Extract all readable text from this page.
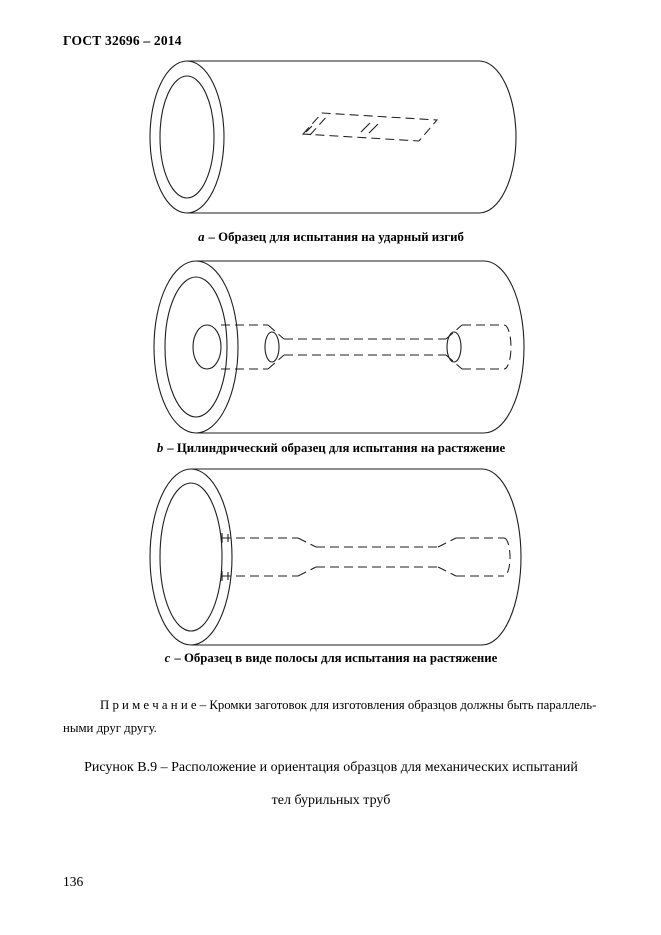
ГОСТ 32696 – 2014
a – Образец для испытания на ударный изгиб
b – Цилиндрический образец для испытания на растяжение
c – Образец в виде полосы для испытания на растяжение
П р и м е ч а н и е – Кромки заготовок для изготовления образцов должны быть параллель-
ными друг другу.
Рисунок В.9 – Расположение и ориентация образцов для механических испытаний
тел бурильных труб
136
